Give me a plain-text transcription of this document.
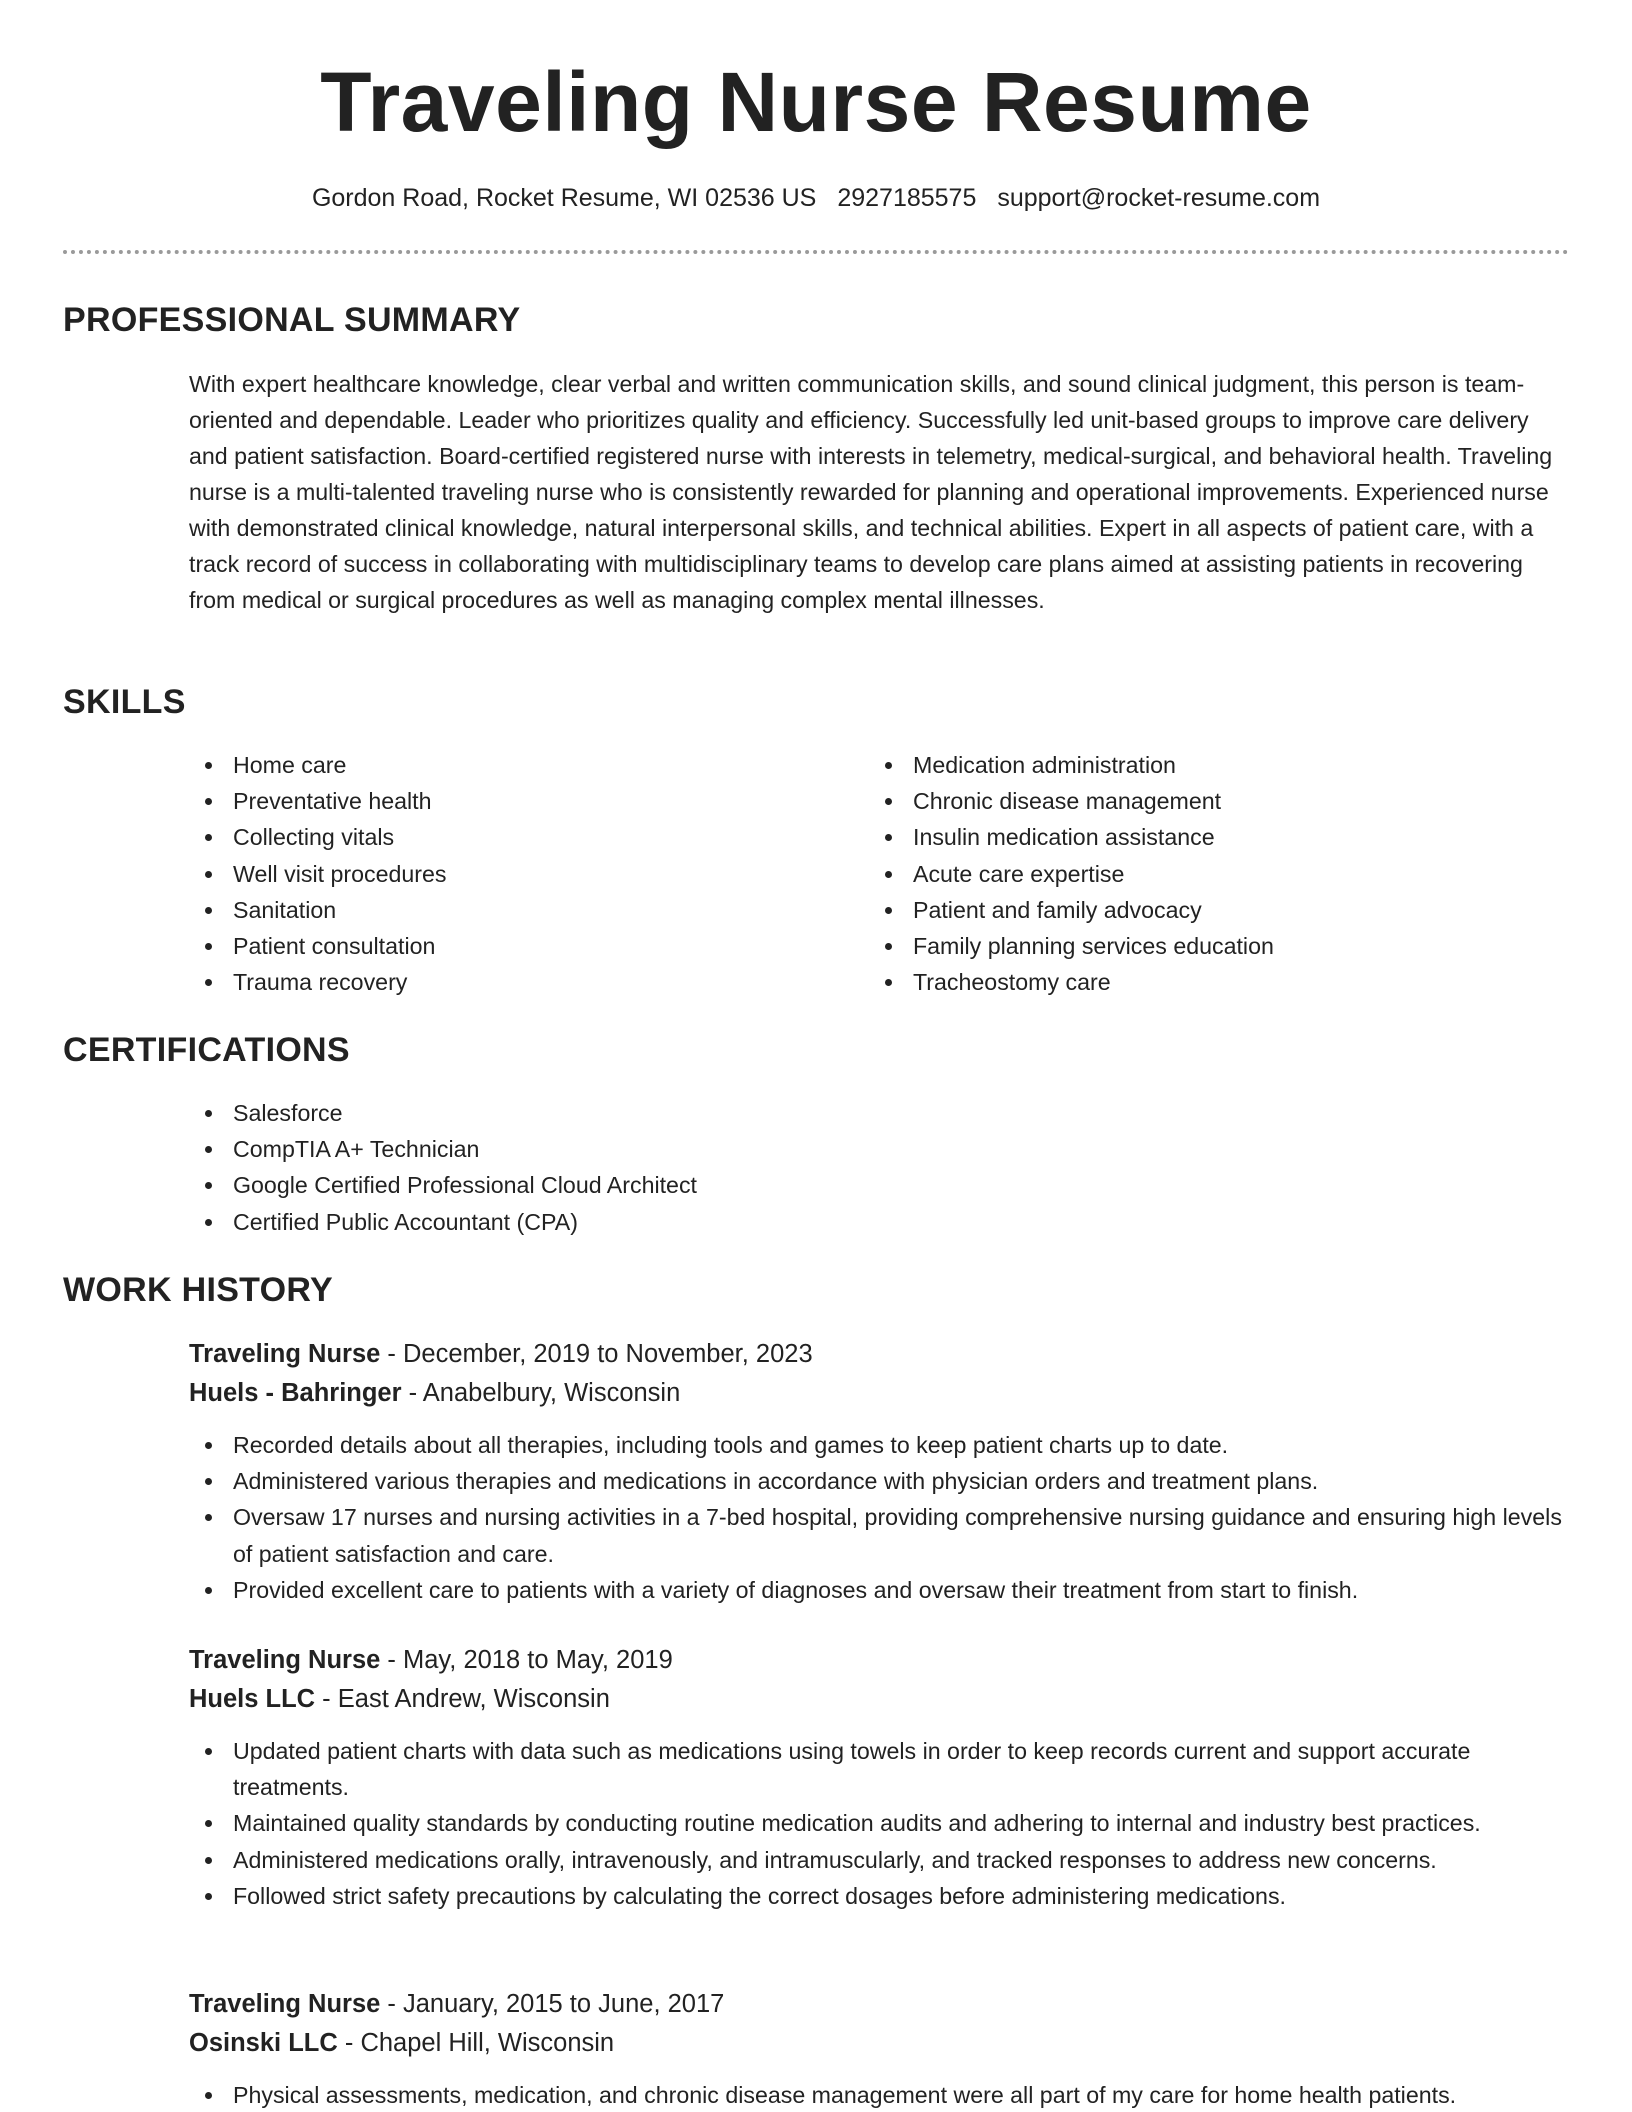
Traveling Nurse Resume
Gordon Road, Rocket Resume, WI 02536 US 2927185575 support@rocket-resume.com
PROFESSIONAL SUMMARY

With expert healthcare knowledge, clear verbal and written communication skills, and sound clinical judgment, this person is team-oriented and dependable. Leader who prioritizes quality and efficiency. Successfully led unit-based groups to improve care delivery and patient satisfaction. Board-certified registered nurse with interests in telemetry, medical-surgical, and behavioral health. Traveling nurse is a multi-talented traveling nurse who is consistently rewarded for planning and operational improvements. Experienced nurse with demonstrated clinical knowledge, natural interpersonal skills, and technical abilities. Expert in all aspects of patient care, with a track record of success in collaborating with multidisciplinary teams to develop care plans aimed at assisting patients in recovering from medical or surgical procedures as well as managing complex mental illnesses.

SKILLS
Home care
Preventative health
Collecting vitals
Well visit procedures
Sanitation
Patient consultation
Trauma recovery
Medication administration
Chronic disease management
Insulin medication assistance
Acute care expertise
Patient and family advocacy
Family planning services education
Tracheostomy care
CERTIFICATIONS
Salesforce
CompTIA A+ Technician
Google Certified Professional Cloud Architect
Certified Public Accountant (CPA)
WORK HISTORY
Traveling Nurse - December, 2019 to November, 2023
Huels - Bahringer - Anabelbury, Wisconsin
Recorded details about all therapies, including tools and games to keep patient charts up to date.
Administered various therapies and medications in accordance with physician orders and treatment plans.
Oversaw 17 nurses and nursing activities in a 7-bed hospital, providing comprehensive nursing guidance and ensuring high levels of patient satisfaction and care.
Provided excellent care to patients with a variety of diagnoses and oversaw their treatment from start to finish.
Traveling Nurse - May, 2018 to May, 2019
Huels LLC - East Andrew, Wisconsin
Updated patient charts with data such as medications using towels in order to keep records current and support accurate treatments.
Maintained quality standards by conducting routine medication audits and adhering to internal and industry best practices.
Administered medications orally, intravenously, and intramuscularly, and tracked responses to address new concerns.
Followed strict safety precautions by calculating the correct dosages before administering medications.
Traveling Nurse - January, 2015 to June, 2017
Osinski LLC - Chapel Hill, Wisconsin
Physical assessments, medication, and chronic disease management were all part of my care for home health patients.
